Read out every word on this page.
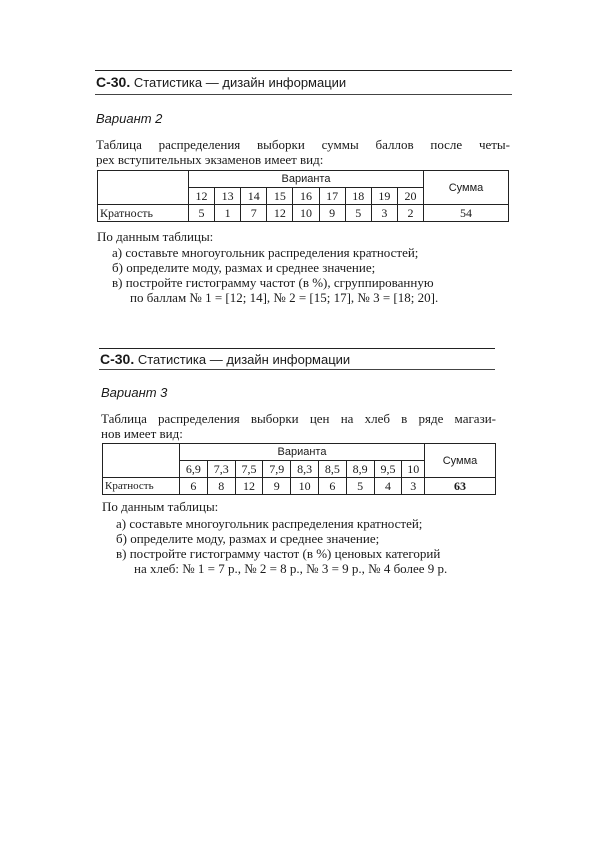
С-30. Статистика — дизайн информации
Вариант 2
Таблица распределения выборки суммы баллов после четы-
рех вступительных экзаменов имеет вид:
	Варианта									Сумма
	12	13	14	15	16	17	18	19	20	
Кратность	5	1	7	12	10	9	5	3	2	54
По данным таблицы:
а) составьте многоугольник распределения кратностей;
б) определите моду, размах и среднее значение;
в) постройте гистограмму частот (в %), сгруппированную
по баллам № 1 = [12; 14], № 2 = [15; 17], № 3 = [18; 20].
С-30. Статистика — дизайн информации
Вариант 3
Таблица распределения выборки цен на хлеб в ряде магази-
нов имеет вид:
	Варианта									Сумма
	6,9	7,3	7,5	7,9	8,3	8,5	8,9	9,5	10	
Кратность	6	8	12	9	10	6	5	4	3	63
По данным таблицы:
а) составьте многоугольник распределения кратностей;
б) определите моду, размах и среднее значение;
в) постройте гистограмму частот (в %) ценовых категорий
на хлеб: № 1 = 7 р., № 2 = 8 р., № 3 = 9 р., № 4 более 9 р.
